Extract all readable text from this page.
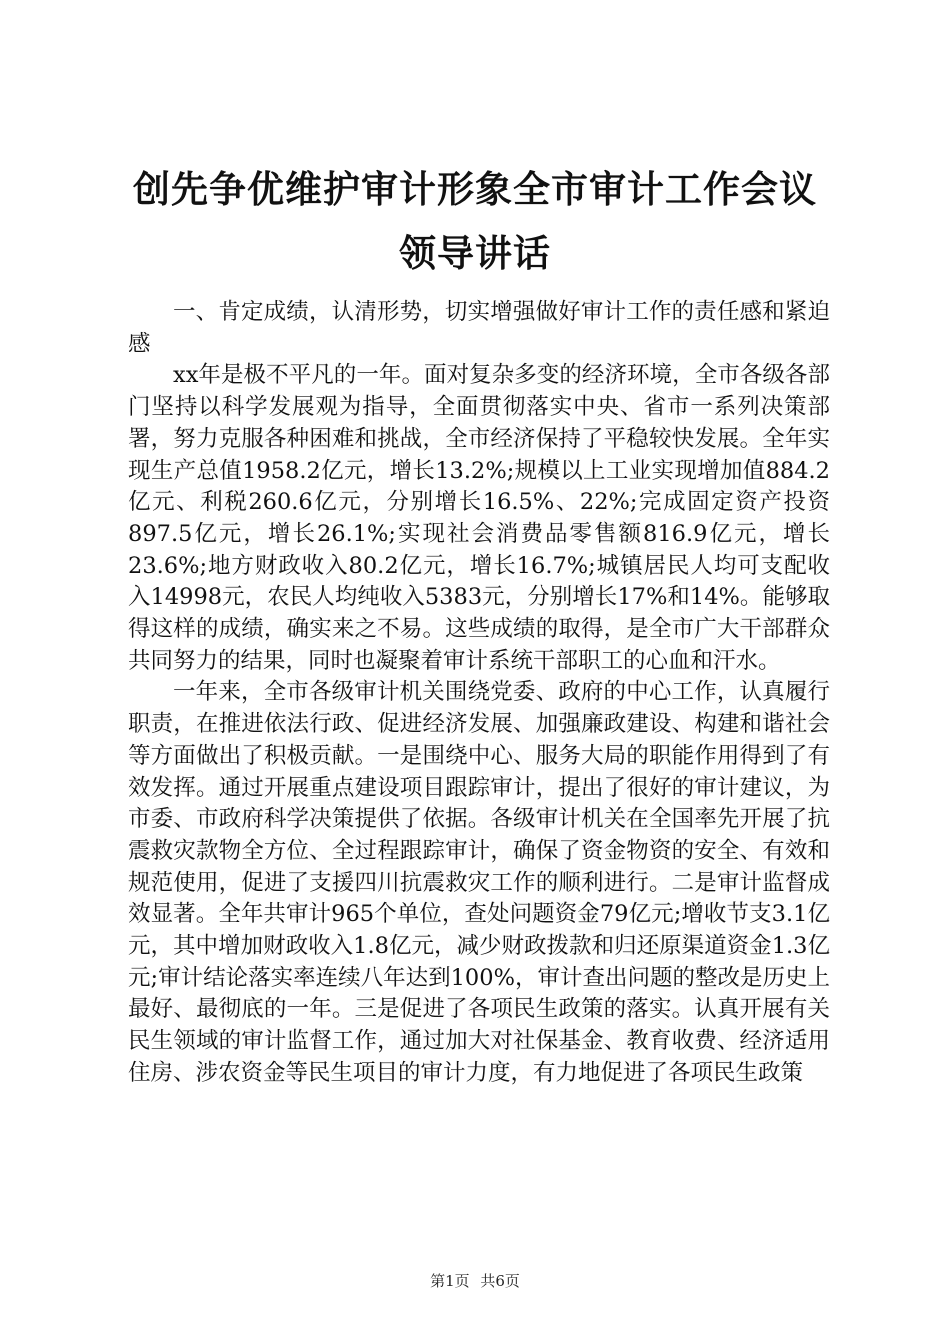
创先争优维护审计形象全市审计工作会议领导讲话

一、肯定成绩，认清形势，切实增强做好审计工作的责任感和紧迫感

xx年是极不平凡的一年。面对复杂多变的经济环境，全市各级各部门坚持以科学发展观为指导，全面贯彻落实中央、省市一系列决策部署，努力克服各种困难和挑战，全市经济保持了平稳较快发展。全年实现生产总值1958.2亿元，增长13.2%;规模以上工业实现增加值884.2亿元、利税260.6亿元，分别增长16.5%、22%;完成固定资产投资897.5亿元，增长26.1%;实现社会消费品零售额816.9亿元，增长23.6%;地方财政收入80.2亿元，增长16.7%;城镇居民人均可支配收入14998元，农民人均纯收入5383元，分别增长17%和14%。能够取得这样的成绩，确实来之不易。这些成绩的取得，是全市广大干部群众共同努力的结果，同时也凝聚着审计系统干部职工的心血和汗水。

一年来，全市各级审计机关围绕党委、政府的中心工作，认真履行职责，在推进依法行政、促进经济发展、加强廉政建设、构建和谐社会等方面做出了积极贡献。一是围绕中心、服务大局的职能作用得到了有效发挥。通过开展重点建设项目跟踪审计，提出了很好的审计建议，为市委、市政府科学决策提供了依据。各级审计机关在全国率先开展了抗震救灾款物全方位、全过程跟踪审计，确保了资金物资的安全、有效和规范使用，促进了支援四川抗震救灾工作的顺利进行。二是审计监督成效显著。全年共审计965个单位，查处问题资金79亿元;增收节支3.1亿元，其中增加财政收入1.8亿元，减少财政拨款和归还原渠道资金1.3亿元;审计结论落实率连续八年达到100%，审计查出问题的整改是历史上最好、最彻底的一年。三是促进了各项民生政策的落实。认真开展有关民生领域的审计监督工作，通过加大对社保基金、教育收费、经济适用住房、涉农资金等民生项目的审计力度，有力地促进了各项民生政策

第1页 共6页
